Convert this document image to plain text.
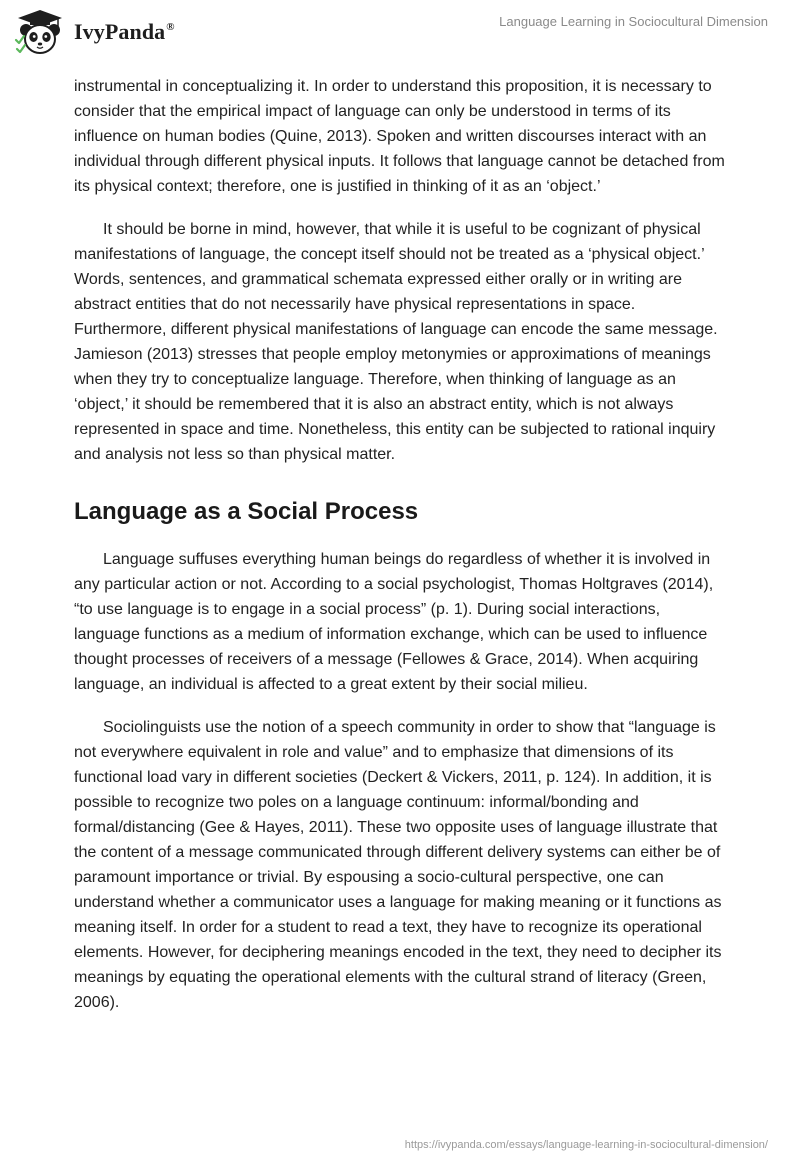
IvyPanda®	Language Learning in Sociocultural Dimension

instrumental in conceptualizing it. In order to understand this proposition, it is necessary to consider that the empirical impact of language can only be understood in terms of its influence on human bodies (Quine, 2013). Spoken and written discourses interact with an individual through different physical inputs. It follows that language cannot be detached from its physical context; therefore, one is justified in thinking of it as an ‘object.’

It should be borne in mind, however, that while it is useful to be cognizant of physical manifestations of language, the concept itself should not be treated as a ‘physical object.’ Words, sentences, and grammatical schemata expressed either orally or in writing are abstract entities that do not necessarily have physical representations in space. Furthermore, different physical manifestations of language can encode the same message. Jamieson (2013) stresses that people employ metonymies or approximations of meanings when they try to conceptualize language. Therefore, when thinking of language as an ‘object,’ it should be remembered that it is also an abstract entity, which is not always represented in space and time. Nonetheless, this entity can be subjected to rational inquiry and analysis not less so than physical matter.

Language as a Social Process

Language suffuses everything human beings do regardless of whether it is involved in any particular action or not. According to a social psychologist, Thomas Holtgraves (2014), “to use language is to engage in a social process” (p. 1). During social interactions, language functions as a medium of information exchange, which can be used to influence thought processes of receivers of a message (Fellowes & Grace, 2014). When acquiring language, an individual is affected to a great extent by their social milieu.

Sociolinguists use the notion of a speech community in order to show that “language is not everywhere equivalent in role and value” and to emphasize that dimensions of its functional load vary in different societies (Deckert & Vickers, 2011, p. 124). In addition, it is possible to recognize two poles on a language continuum: informal/bonding and formal/distancing (Gee & Hayes, 2011). These two opposite uses of language illustrate that the content of a message communicated through different delivery systems can either be of paramount importance or trivial. By espousing a socio-cultural perspective, one can understand whether a communicator uses a language for making meaning or it functions as meaning itself. In order for a student to read a text, they have to recognize its operational elements. However, for deciphering meanings encoded in the text, they need to decipher its meanings by equating the operational elements with the cultural strand of literacy (Green, 2006).

https://ivypanda.com/essays/language-learning-in-sociocultural-dimension/
